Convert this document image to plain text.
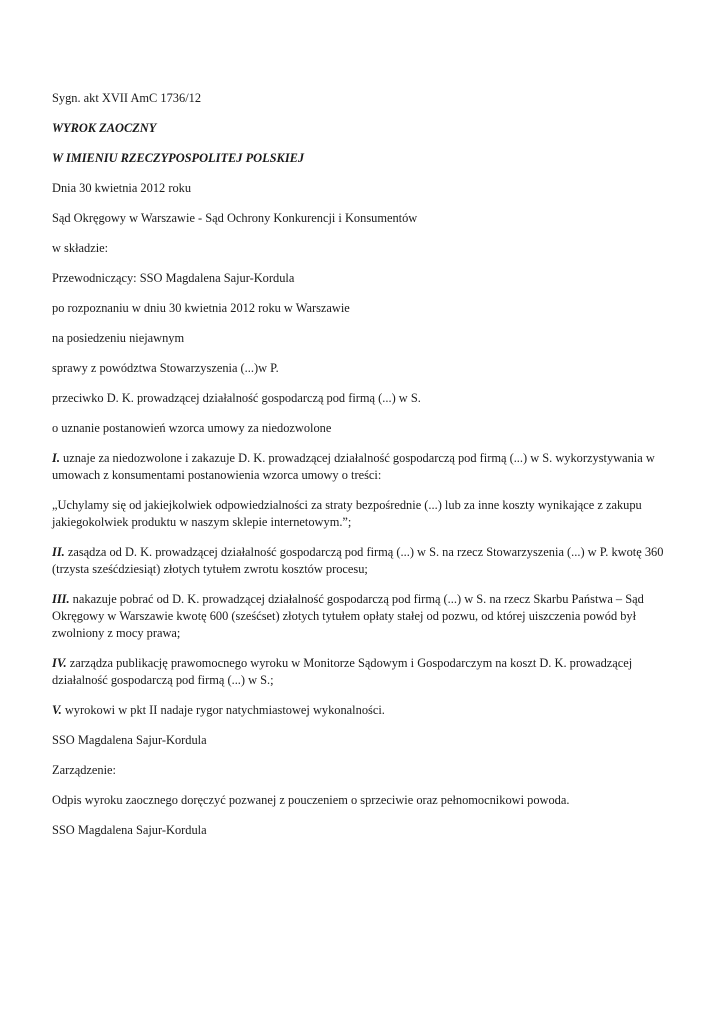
Sygn. akt XVII AmC 1736/12

WYROK ZAOCZNY

W IMIENIU RZECZYPOSPOLITEJ POLSKIEJ

Dnia 30 kwietnia 2012 roku

Sąd Okręgowy w Warszawie - Sąd Ochrony Konkurencji i Konsumentów

w składzie:

Przewodniczący: SSO Magdalena Sajur-Kordula

po rozpoznaniu w dniu 30 kwietnia 2012 roku w Warszawie

na posiedzeniu niejawnym

sprawy z powództwa Stowarzyszenia (...)w P.

przeciwko D. K. prowadzącej działalność gospodarczą pod firmą (...) w S.

o uznanie postanowień wzorca umowy za niedozwolone

I. uznaje za niedozwolone i zakazuje D. K. prowadzącej działalność gospodarczą pod firmą (...) w S. wykorzystywania w umowach z konsumentami postanowienia wzorca umowy o treści:

„Uchylamy się od jakiejkolwiek odpowiedzialności za straty bezpośrednie (...) lub za inne koszty wynikające z zakupu jakiegokolwiek produktu w naszym sklepie internetowym.”;

II. zasądza od D. K. prowadzącej działalność gospodarczą pod firmą (...) w S. na rzecz Stowarzyszenia (...) w P. kwotę 360 (trzysta sześćdziesiąt) złotych tytułem zwrotu kosztów procesu;

III. nakazuje pobrać od D. K. prowadzącej działalność gospodarczą pod firmą (...) w S. na rzecz Skarbu Państwa – Sąd Okręgowy w Warszawie kwotę 600 (sześćset) złotych tytułem opłaty stałej od pozwu, od której uiszczenia powód był zwolniony z mocy prawa;

IV. zarządza publikację prawomocnego wyroku w Monitorze Sądowym i Gospodarczym na koszt D. K. prowadzącej działalność gospodarczą pod firmą (...) w S.;

V. wyrokowi w pkt II nadaje rygor natychmiastowej wykonalności.

SSO Magdalena Sajur-Kordula

Zarządzenie:

Odpis wyroku zaocznego doręczyć pozwanej z pouczeniem o sprzeciwie oraz pełnomocnikowi powoda.

SSO Magdalena Sajur-Kordula
